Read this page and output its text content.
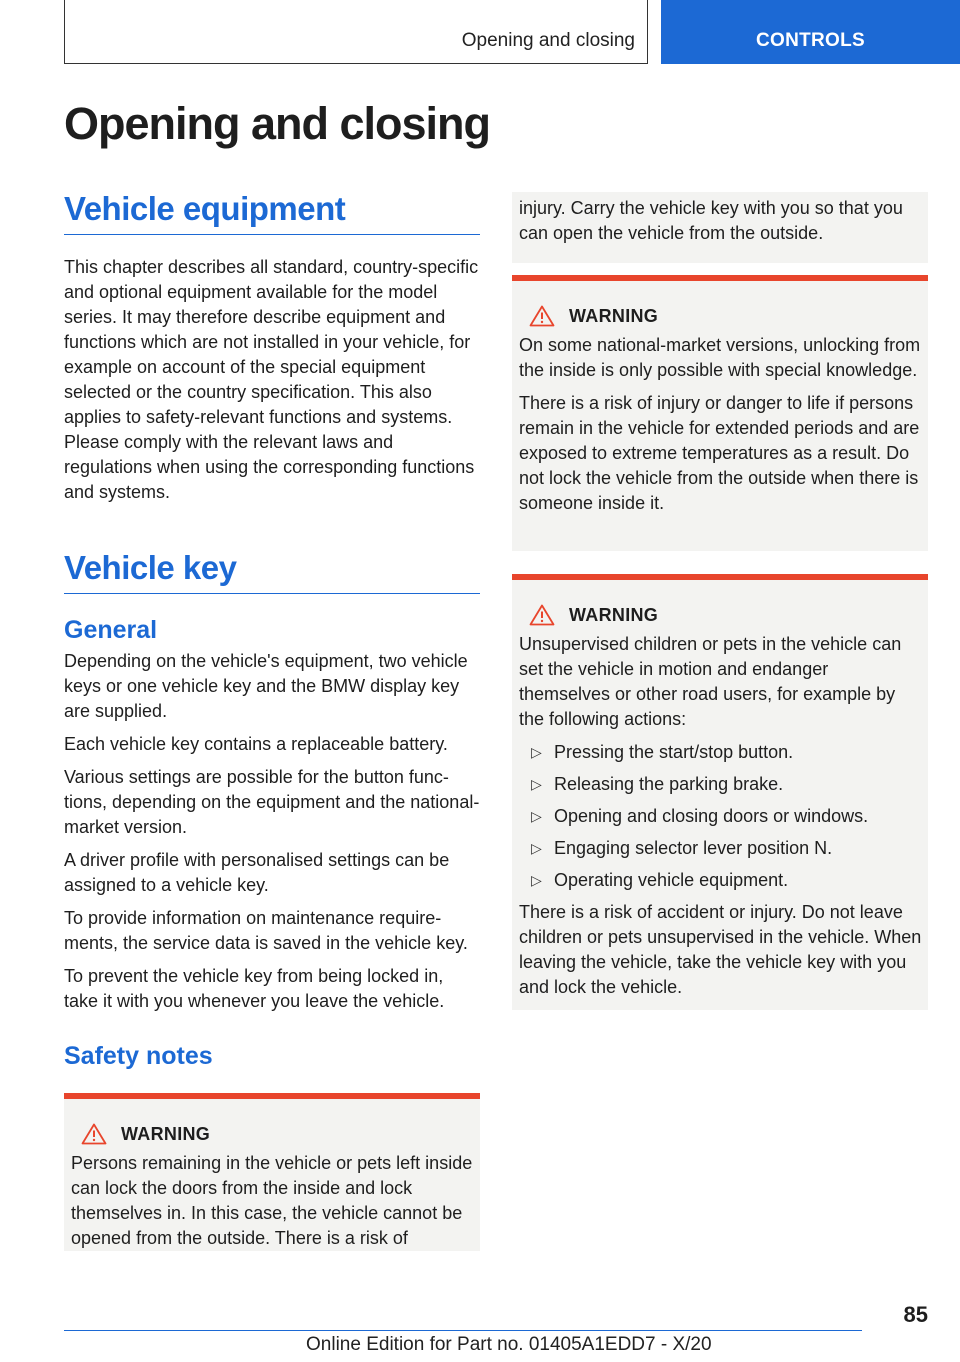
Opening and closing	CONTROLS
Opening and closing
Vehicle equipment

This chapter describes all standard, country-specific and optional equipment available for the model series. It may therefore describe equipment and functions which are not installed in your vehicle, for example on account of the special equipment selected or the country specification. This also applies to safety-relevant functions and systems. Please comply with the relevant laws and regulations when using the corresponding functions and systems.

Vehicle key
General

Depending on the vehicle's equipment, two vehicle keys or one vehicle key and the BMW display key are supplied.

Each vehicle key contains a replaceable battery.

Various settings are possible for the button functions, depending on the equipment and the national-market version.

A driver profile with personalised settings can be assigned to a vehicle key.

To provide information on maintenance requirements, the service data is saved in the vehicle key.

To prevent the vehicle key from being locked in, take it with you whenever you leave the vehicle.

Safety notes
WARNING

Persons remaining in the vehicle or pets left inside can lock the doors from the inside and lock themselves in. In this case, the vehicle cannot be opened from the outside. There is a risk of

injury. Carry the vehicle key with you so that you can open the vehicle from the outside.

WARNING

On some national-market versions, unlocking from the inside is only possible with special knowledge.

There is a risk of injury or danger to life if persons remain in the vehicle for extended periods and are exposed to extreme temperatures as a result. Do not lock the vehicle from the outside when there is someone inside it.

WARNING

Unsupervised children or pets in the vehicle can set the vehicle in motion and endanger themselves or other road users, for example by the following actions:

▷ Pressing the start/stop button.
▷ Releasing the parking brake.
▷ Opening and closing doors or windows.
▷ Engaging selector lever position N.
▷ Operating vehicle equipment.

There is a risk of accident or injury. Do not leave children or pets unsupervised in the vehicle. When leaving the vehicle, take the vehicle key with you and lock the vehicle.

85
Online Edition for Part no. 01405A1EDD7 - X/20
